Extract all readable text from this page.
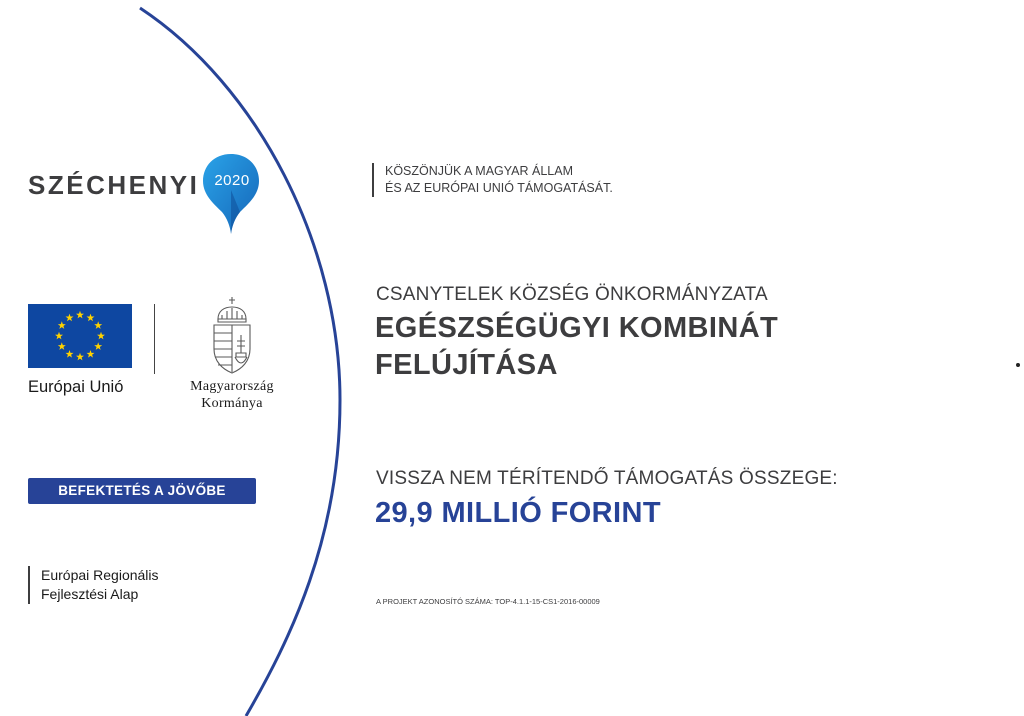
SZÉCHENYI	2020
Európai Unió	Magyarország
Kormánya
BEFEKTETÉS A JÖVŐBE
Európai Regionális
Fejlesztési Alap
KÖSZÖNJÜK A MAGYAR ÁLLAM
ÉS AZ EURÓPAI UNIÓ TÁMOGATÁSÁT.
CSANYTELEK KÖZSÉG ÖNKORMÁNYZATA
EGÉSZSÉGÜGYI KOMBINÁT
FELÚJÍTÁSA
VISSZA NEM TÉRÍTENDŐ TÁMOGATÁS ÖSSZEGE:
29,9 MILLIÓ FORINT
A PROJEKT AZONOSÍTÓ SZÁMA: TOP-4.1.1-15-CS1-2016-00009
